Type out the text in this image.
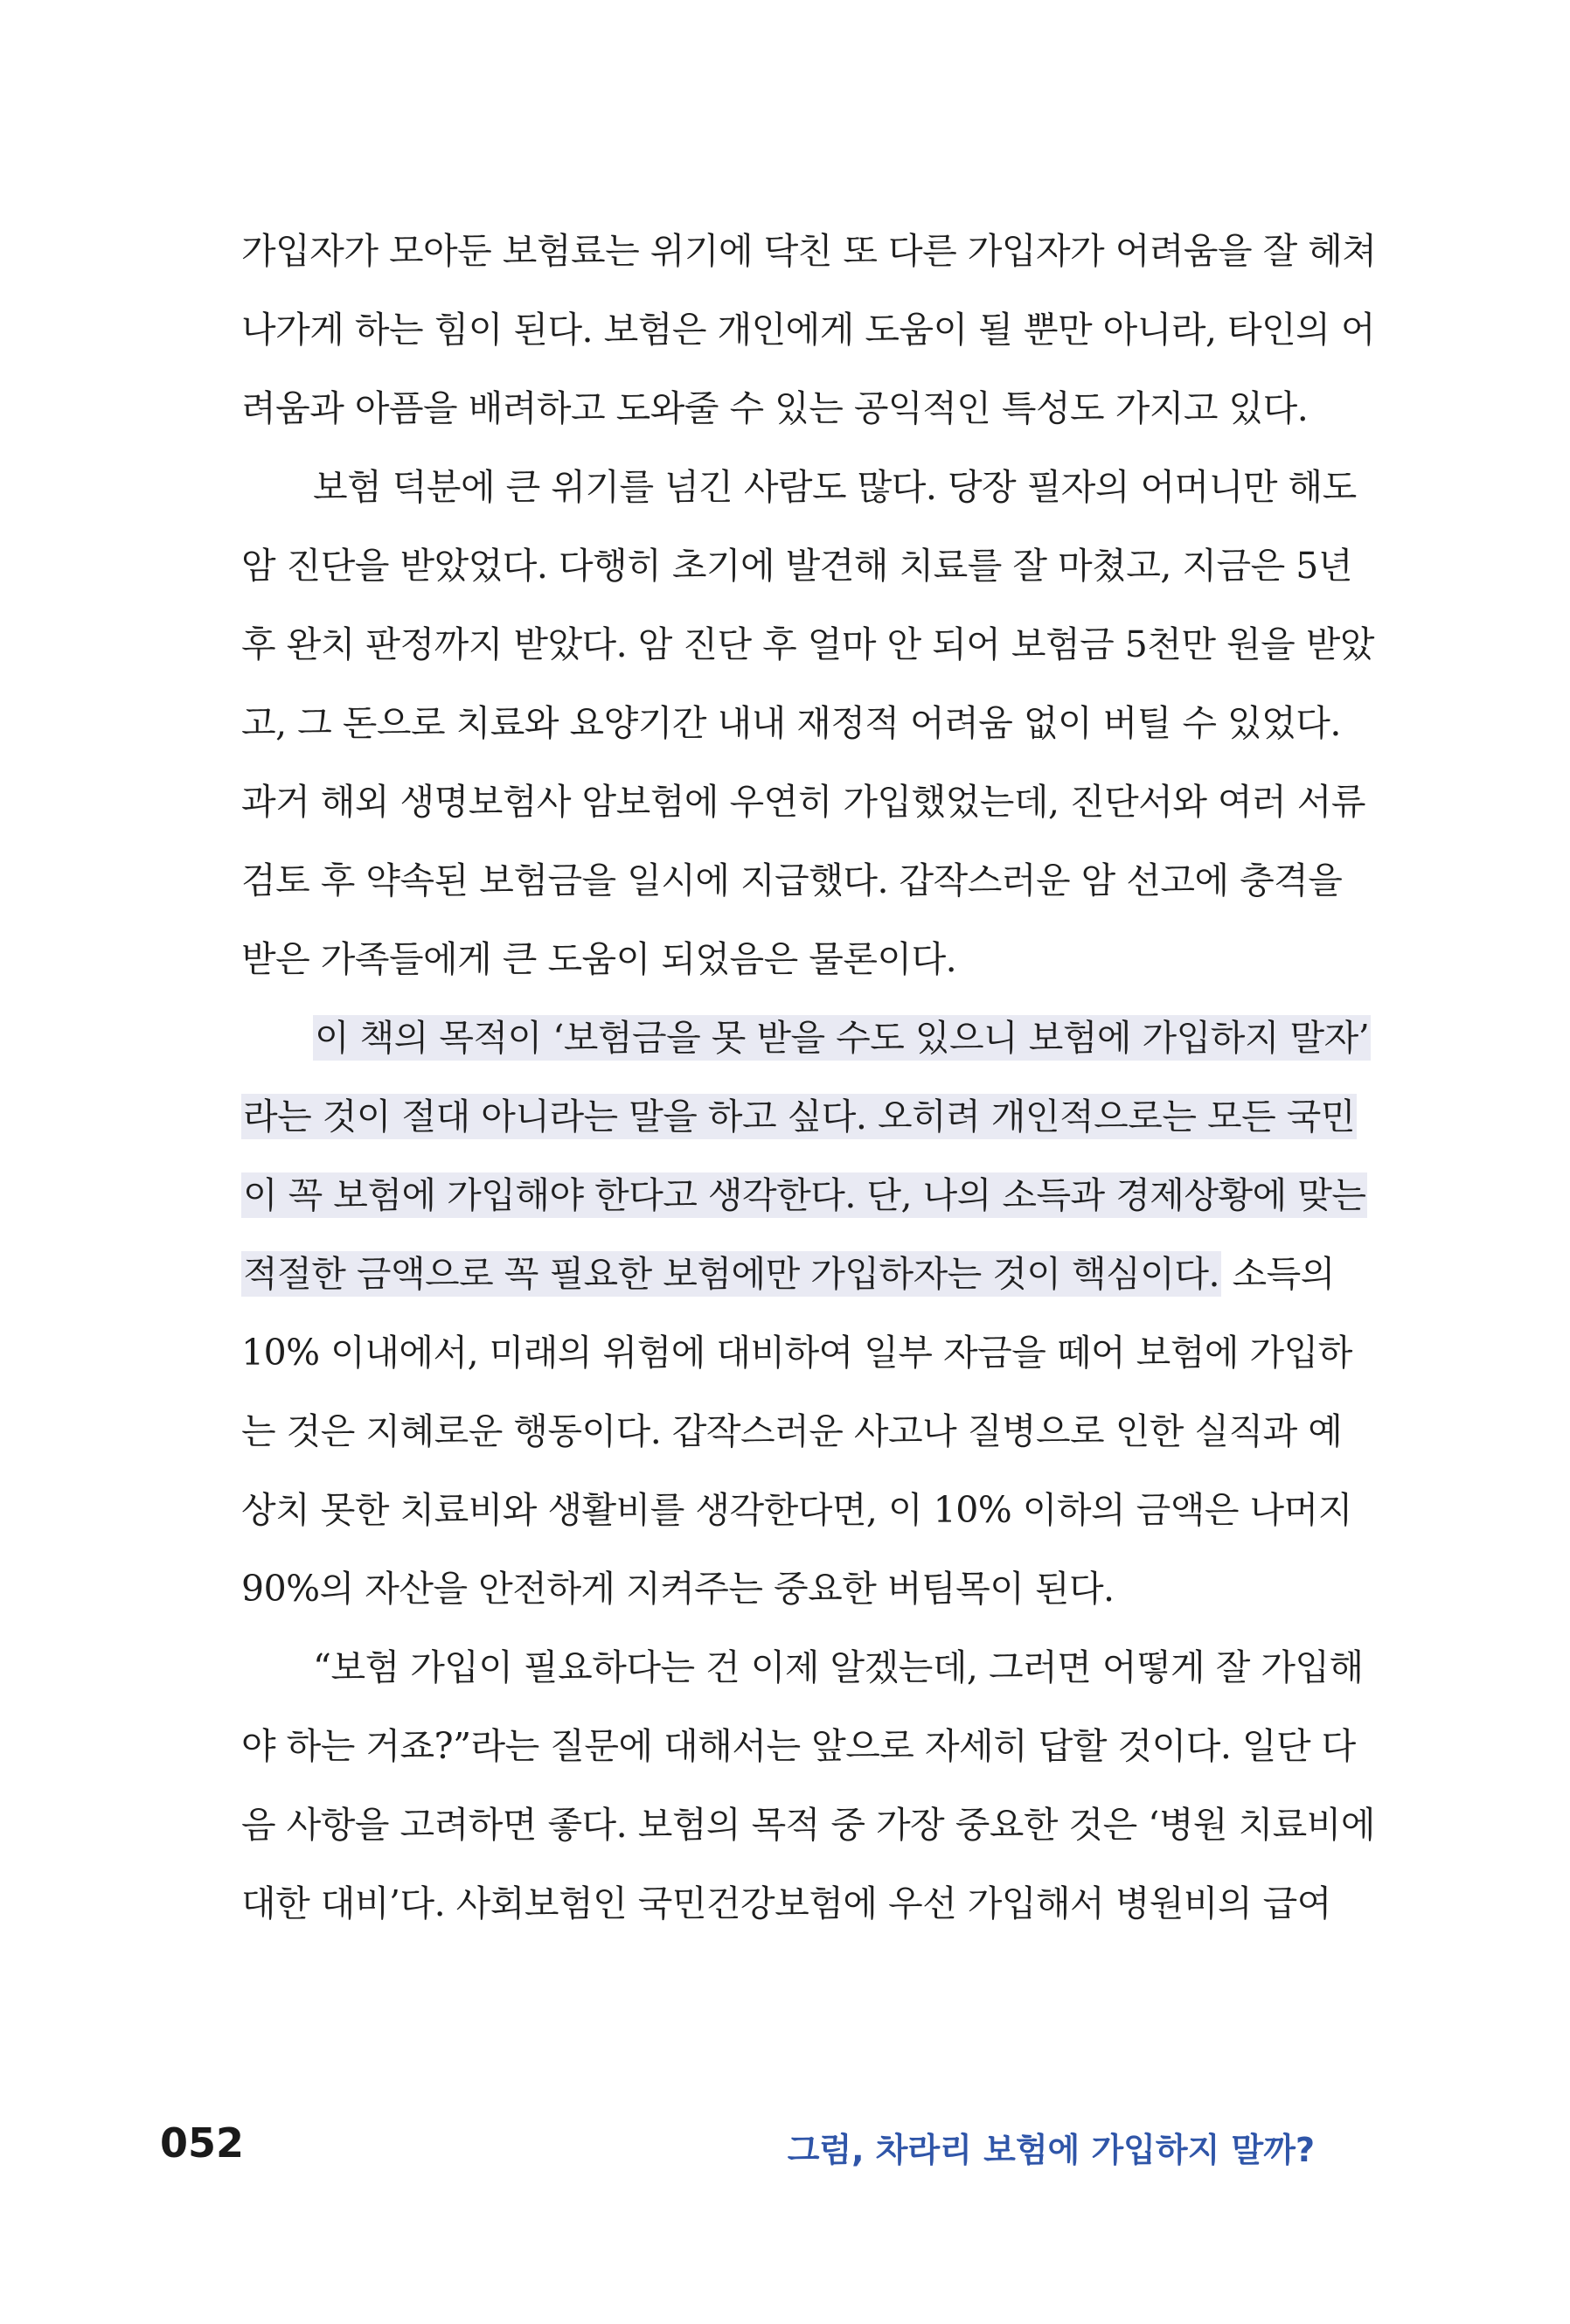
가입자가 모아둔 보험료는 위기에 닥친 또 다른 가입자가 어려움을 잘 헤쳐
나가게 하는 힘이 된다. 보험은 개인에게 도움이 될 뿐만 아니라, 타인의 어
려움과 아픔을 배려하고 도와줄 수 있는 공익적인 특성도 가지고 있다.
보험 덕분에 큰 위기를 넘긴 사람도 많다. 당장 필자의 어머니만 해도
암 진단을 받았었다. 다행히 초기에 발견해 치료를 잘 마쳤고, 지금은 5년
후 완치 판정까지 받았다. 암 진단 후 얼마 안 되어 보험금 5천만 원을 받았
고, 그 돈으로 치료와 요양기간 내내 재정적 어려움 없이 버틸 수 있었다.
과거 해외 생명보험사 암보험에 우연히 가입했었는데, 진단서와 여러 서류
검토 후 약속된 보험금을 일시에 지급했다. 갑작스러운 암 선고에 충격을
받은 가족들에게 큰 도움이 되었음은 물론이다.
이 책의 목적이 ‘보험금을 못 받을 수도 있으니 보험에 가입하지 말자’
라는 것이 절대 아니라는 말을 하고 싶다. 오히려 개인적으로는 모든 국민
이 꼭 보험에 가입해야 한다고 생각한다. 단, 나의 소득과 경제상황에 맞는
적절한 금액으로 꼭 필요한 보험에만 가입하자는 것이 핵심이다. 소득의
10% 이내에서, 미래의 위험에 대비하여 일부 자금을 떼어 보험에 가입하
는 것은 지혜로운 행동이다. 갑작스러운 사고나 질병으로 인한 실직과 예
상치 못한 치료비와 생활비를 생각한다면, 이 10% 이하의 금액은 나머지
90%의 자산을 안전하게 지켜주는 중요한 버팀목이 된다.
“보험 가입이 필요하다는 건 이제 알겠는데, 그러면 어떻게 잘 가입해
야 하는 거죠?”라는 질문에 대해서는 앞으로 자세히 답할 것이다. 일단 다
음 사항을 고려하면 좋다. 보험의 목적 중 가장 중요한 것은 ‘병원 치료비에
대한 대비’다. 사회보험인 국민건강보험에 우선 가입해서 병원비의 급여
052	그럼, 차라리 보험에 가입하지 말까?
